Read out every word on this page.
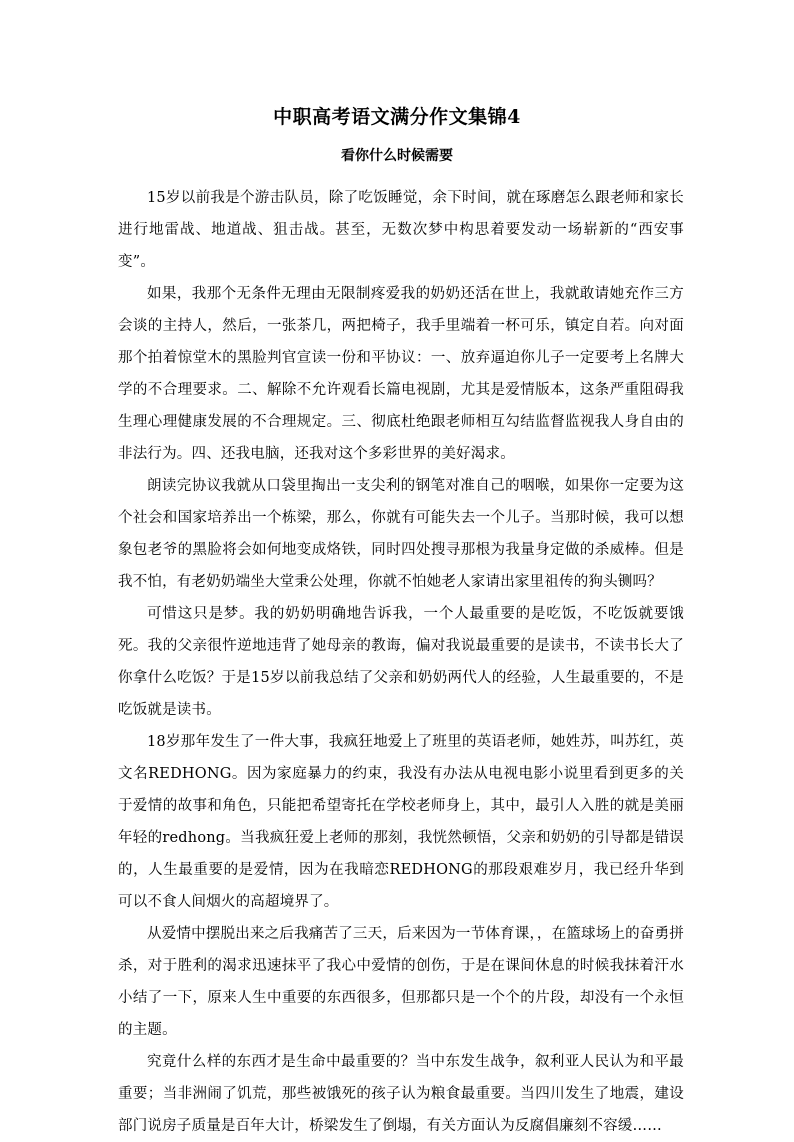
中职高考语文满分作文集锦4
看你什么时候需要

15岁以前我是个游击队员，除了吃饭睡觉，余下时间，就在琢磨怎么跟老师和家长进行地雷战、地道战、狙击战。甚至，无数次梦中构思着要发动一场崭新的“西安事变”。

如果，我那个无条件无理由无限制疼爱我的奶奶还活在世上，我就敢请她充作三方会谈的主持人，然后，一张茶几，两把椅子，我手里端着一杯可乐，镇定自若。向对面那个拍着惊堂木的黑脸判官宣读一份和平协议：一、放弃逼迫你儿子一定要考上名牌大学的不合理要求。二、解除不允许观看长篇电视剧，尤其是爱情版本，这条严重阻碍我生理心理健康发展的不合理规定。三、彻底杜绝跟老师相互勾结监督监视我人身自由的非法行为。四、还我电脑，还我对这个多彩世界的美好渴求。

朗读完协议我就从口袋里掏出一支尖利的钢笔对准自己的咽喉，如果你一定要为这个社会和国家培养出一个栋梁，那么，你就有可能失去一个儿子。当那时候，我可以想象包老爷的黑脸将会如何地变成烙铁，同时四处搜寻那根为我量身定做的杀威棒。但是我不怕，有老奶奶端坐大堂秉公处理，你就不怕她老人家请出家里祖传的狗头铡吗？

可惜这只是梦。我的奶奶明确地告诉我，一个人最重要的是吃饭，不吃饭就要饿死。我的父亲很忤逆地违背了她母亲的教诲，偏对我说最重要的是读书，不读书长大了你拿什么吃饭？于是15岁以前我总结了父亲和奶奶两代人的经验，人生最重要的，不是吃饭就是读书。

18岁那年发生了一件大事，我疯狂地爱上了班里的英语老师，她姓苏，叫苏红，英文名REDHONG。因为家庭暴力的约束，我没有办法从电视电影小说里看到更多的关于爱情的故事和角色，只能把希望寄托在学校老师身上，其中，最引人入胜的就是美丽年轻的redhong。当我疯狂爱上老师的那刻，我恍然顿悟，父亲和奶奶的引导都是错误的，人生最重要的是爱情，因为在我暗恋REDHONG的那段艰难岁月，我已经升华到可以不食人间烟火的高超境界了。

从爱情中摆脱出来之后我痛苦了三天，后来因为一节体育课，，在篮球场上的奋勇拼杀，对于胜利的渴求迅速抹平了我心中爱情的创伤，于是在课间休息的时候我抹着汗水小结了一下，原来人生中重要的东西很多，但那都只是一个个的片段，却没有一个永恒的主题。

究竟什么样的东西才是生命中最重要的？当中东发生战争，叙利亚人民认为和平最重要；当非洲闹了饥荒，那些被饿死的孩子认为粮食最重要。当四川发生了地震，建设部门说房子质量是百年大计，桥梁发生了倒塌，有关方面认为反腐倡廉刻不容缓……
